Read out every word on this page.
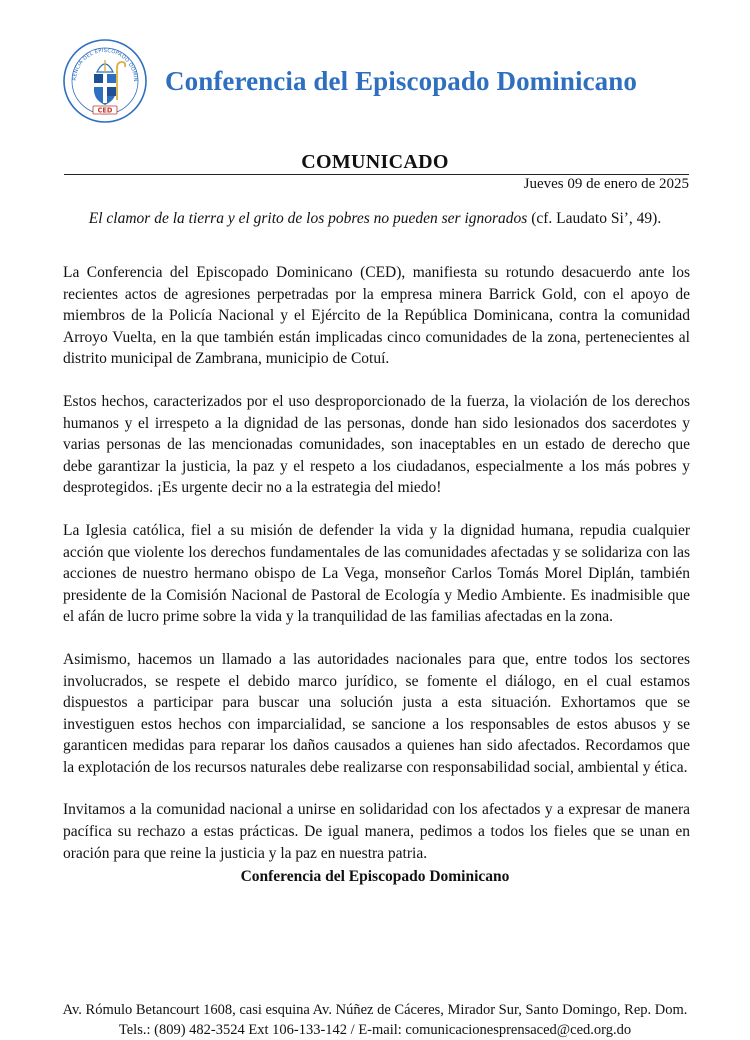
RENCIA DEL EPISCOPADO DOMIN
CED
Conferencia del Episcopado Dominicano
COMUNICADO
Jueves 09 de enero de 2025
El clamor de la tierra y el grito de los pobres no pueden ser ignorados (cf. Laudato Si’, 49).

La Conferencia del Episcopado Dominicano (CED), manifiesta su rotundo desacuerdo ante los recientes actos de agresiones perpetradas por la empresa minera Barrick Gold, con el apoyo de miembros de la Policía Nacional y el Ejército de la República Dominicana, contra la comunidad Arroyo Vuelta, en la que también están implicadas cinco comunidades de la zona, pertenecientes al distrito municipal de Zambrana, municipio de Cotuí.

Estos hechos, caracterizados por el uso desproporcionado de la fuerza, la violación de los derechos humanos y el irrespeto a la dignidad de las personas, donde han sido lesionados dos sacerdotes y varias personas de las mencionadas comunidades, son inaceptables en un estado de derecho que debe garantizar la justicia, la paz y el respeto a los ciudadanos, especialmente a los más pobres y desprotegidos. ¡Es urgente decir no a la estrategia del miedo!

La Iglesia católica, fiel a su misión de defender la vida y la dignidad humana, repudia cualquier acción que violente los derechos fundamentales de las comunidades afectadas y se solidariza con las acciones de nuestro hermano obispo de La Vega, monseñor Carlos Tomás Morel Diplán, también presidente de la Comisión Nacional de Pastoral de Ecología y Medio Ambiente. Es inadmisible que el afán de lucro prime sobre la vida y la tranquilidad de las familias afectadas en la zona.

Asimismo, hacemos un llamado a las autoridades nacionales para que, entre todos los sectores involucrados, se respete el debido marco jurídico, se fomente el diálogo, en el cual estamos dispuestos a participar para buscar una solución justa a esta situación. Exhortamos que se investiguen estos hechos con imparcialidad, se sancione a los responsables de estos abusos y se garanticen medidas para reparar los daños causados a quienes han sido afectados. Recordamos que la explotación de los recursos naturales debe realizarse con responsabilidad social, ambiental y ética.

Invitamos a la comunidad nacional a unirse en solidaridad con los afectados y a expresar de manera pacífica su rechazo a estas prácticas. De igual manera, pedimos a todos los fieles que se unan en oración para que reine la justicia y la paz en nuestra patria.

Conferencia del Episcopado Dominicano
Av. Rómulo Betancourt 1608, casi esquina Av. Núñez de Cáceres, Mirador Sur, Santo Domingo, Rep. Dom.
Tels.: (809) 482-3524 Ext 106-133-142 / E-mail: comunicacionesprensaced@ced.org.do
